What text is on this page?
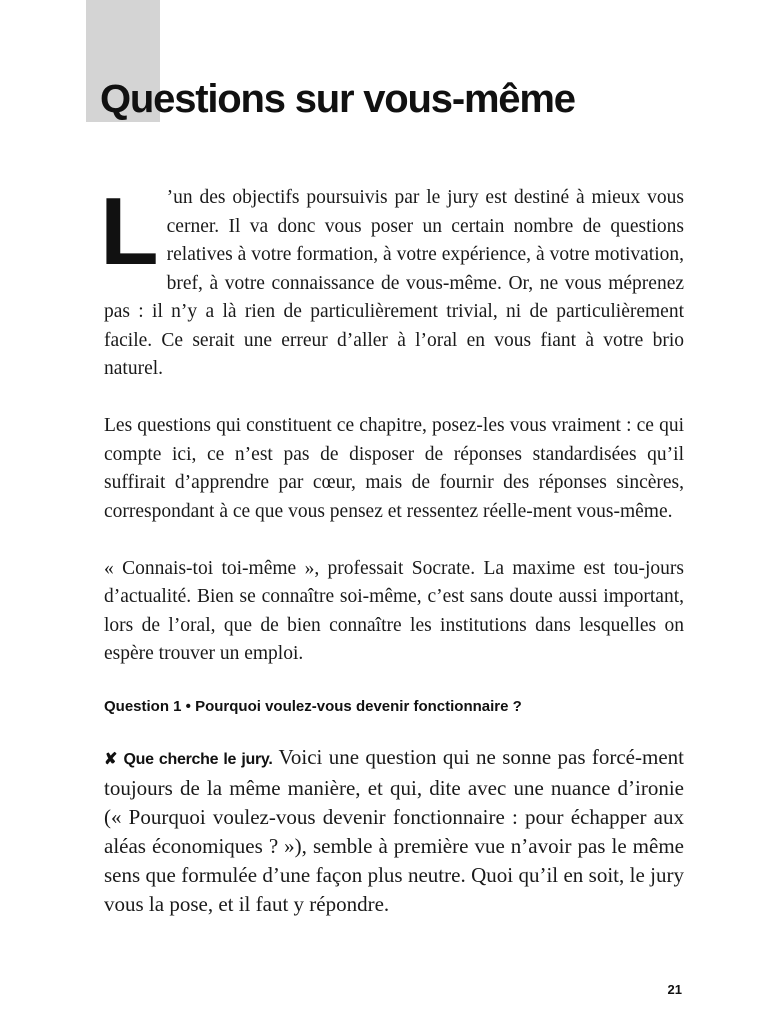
Questions sur vous-même

L ’un des objectifs poursuivis par le jury est destiné à mieux vous cerner. Il va donc vous poser un certain nombre de questions relatives à votre formation, à votre expérience, à votre motivation, bref, à votre connaissance de vous-même. Or, ne vous méprenez pas : il n’y a là rien de particulièrement trivial, ni de particulièrement facile. Ce serait une erreur d’aller à l’oral en vous fiant à votre brio naturel.

Les questions qui constituent ce chapitre, posez-les vous vraiment : ce qui compte ici, ce n’est pas de disposer de réponses standardisées qu’il suffirait d’apprendre par cœur, mais de fournir des réponses sincères, correspondant à ce que vous pensez et ressentez réelle-ment vous-même.

« Connais-toi toi-même », professait Socrate. La maxime est tou-jours d’actualité. Bien se connaître soi-même, c’est sans doute aussi important, lors de l’oral, que de bien connaître les institutions dans lesquelles on espère trouver un emploi.

Question 1 • Pourquoi voulez-vous devenir fonctionnaire ?

✘ Que cherche le jury. Voici une question qui ne sonne pas forcé-ment toujours de la même manière, et qui, dite avec une nuance d’ironie (« Pourquoi voulez-vous devenir fonctionnaire : pour échapper aux aléas économiques ? »), semble à première vue n’avoir pas le même sens que formulée d’une façon plus neutre. Quoi qu’il en soit, le jury vous la pose, et il faut y répondre.

21
